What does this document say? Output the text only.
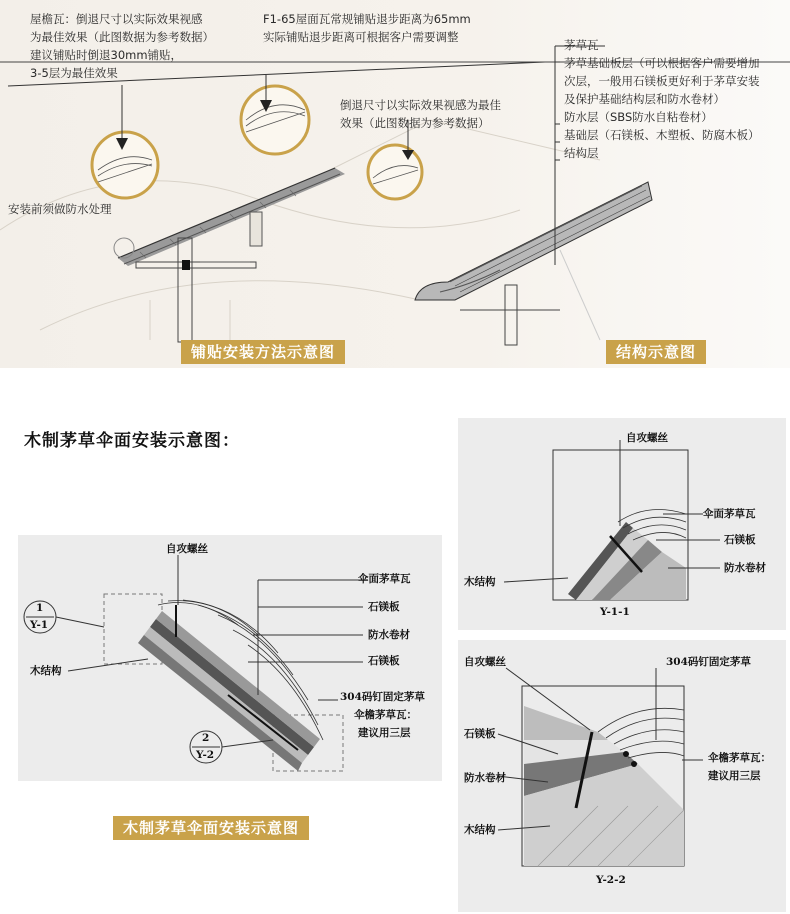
屋檐瓦：倒退尺寸以实际效果视感
为最佳效果（此图数据为参考数据）
建议铺贴时倒退30mm铺贴，
3-5层为最佳效果
F1-65屋面瓦常规铺贴退步距离为65mm
实际铺贴退步距离可根据客户需要调整
倒退尺寸以实际效果视感为最佳
效果（此图数据为参考数据）
安装前须做防水处理
茅草瓦
茅草基础板层（可以根据客户需要增加
次层，一般用石镁板更好利于茅草安装
及保护基础结构层和防水卷材）
防水层（SBS防水自粘卷材）
基础层（石镁板、木塑板、防腐木板）
结构层
铺贴安装方法示意图	结构示意图
木制茅草伞面安装示意图：
自攻螺丝
伞面茅草瓦
石镁板
防水卷材
石镁板
304码钉固定茅草
伞檐茅草瓦：
建议用三层
木结构
1
Y-1
2
Y-2
木制茅草伞面安装示意图
自攻螺丝
伞面茅草瓦
石镁板
防水卷材
木结构
Y-1-1
自攻螺丝	304码钉固定茅草
石镁板
伞檐茅草瓦：
建议用三层
防水卷材
木结构
Y-2-2
